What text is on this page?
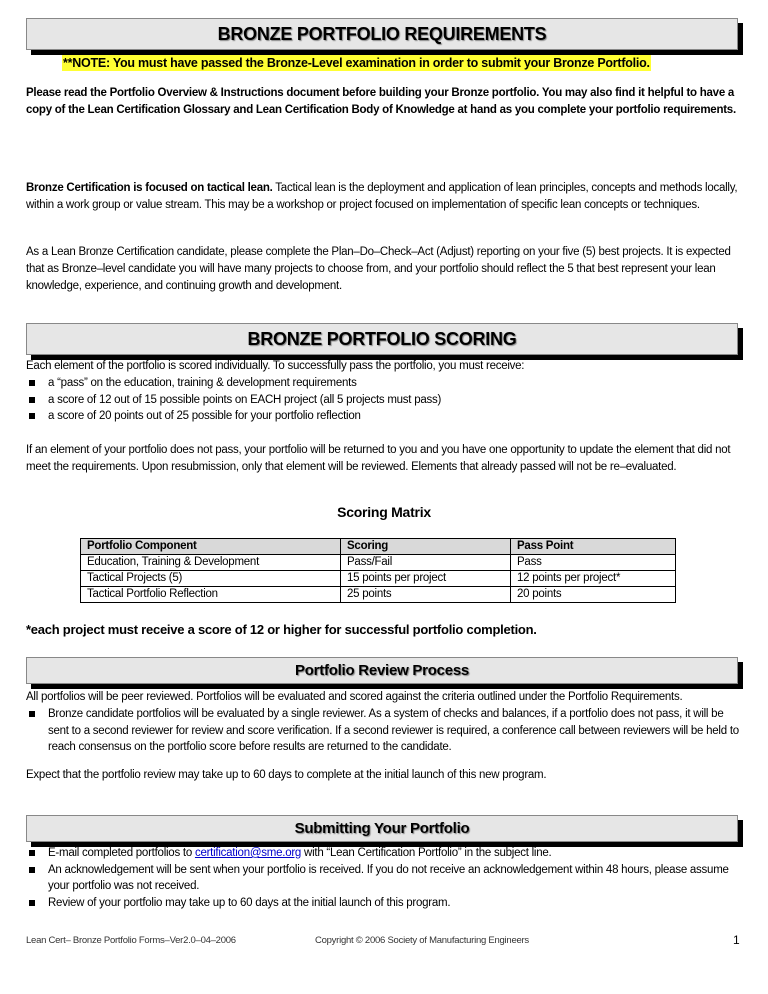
BRONZE PORTFOLIO REQUIREMENTS
**NOTE: You must have passed the Bronze-Level examination in order to submit your Bronze Portfolio.
Please read the Portfolio Overview & Instructions document before building your Bronze portfolio. You may also find it helpful to have a copy of the Lean Certification Glossary and Lean Certification Body of Knowledge at hand as you complete your portfolio requirements.
Bronze Certification is focused on tactical lean. Tactical lean is the deployment and application of lean principles, concepts and methods locally, within a work group or value stream. This may be a workshop or project focused on implementation of specific lean concepts or techniques.
As a Lean Bronze Certification candidate, please complete the Plan–Do–Check–Act (Adjust) reporting on your five (5) best projects. It is expected that as Bronze–level candidate you will have many projects to choose from, and your portfolio should reflect the 5 that best represent your lean knowledge, experience, and continuing growth and development.
BRONZE PORTFOLIO SCORING
Each element of the portfolio is scored individually. To successfully pass the portfolio, you must receive:
a “pass” on the education, training & development requirements
a score of 12 out of 15 possible points on EACH project (all 5 projects must pass)
a score of 20 points out of 25 possible for your portfolio reflection
If an element of your portfolio does not pass, your portfolio will be returned to you and you have one opportunity to update the element that did not meet the requirements. Upon resubmission, only that element will be reviewed. Elements that already passed will not be re–evaluated.
Scoring Matrix
Portfolio Component	Scoring	Pass Point
Education, Training & Development	Pass/Fail	Pass
Tactical Projects (5)	15 points per project	12 points per project*
Tactical Portfolio Reflection	25 points	20 points
*each project must receive a score of 12 or higher for successful portfolio completion.
Portfolio Review Process
All portfolios will be peer reviewed. Portfolios will be evaluated and scored against the criteria outlined under the Portfolio Requirements.
Bronze candidate portfolios will be evaluated by a single reviewer. As a system of checks and balances, if a portfolio does not pass, it will be sent to a second reviewer for review and score verification. If a second reviewer is required, a conference call between reviewers will be held to reach consensus on the portfolio score before results are returned to the candidate.
Expect that the portfolio review may take up to 60 days to complete at the initial launch of this new program.
Submitting Your Portfolio
E-mail completed portfolios to certification@sme.org with “Lean Certification Portfolio” in the subject line.
An acknowledgement will be sent when your portfolio is received. If you do not receive an acknowledgement within 48 hours, please assume your portfolio was not received.
Review of your portfolio may take up to 60 days at the initial launch of this program.
Lean Cert– Bronze Portfolio Forms–Ver2.0–04–2006	Copyright © 2006 Society of Manufacturing Engineers	1
